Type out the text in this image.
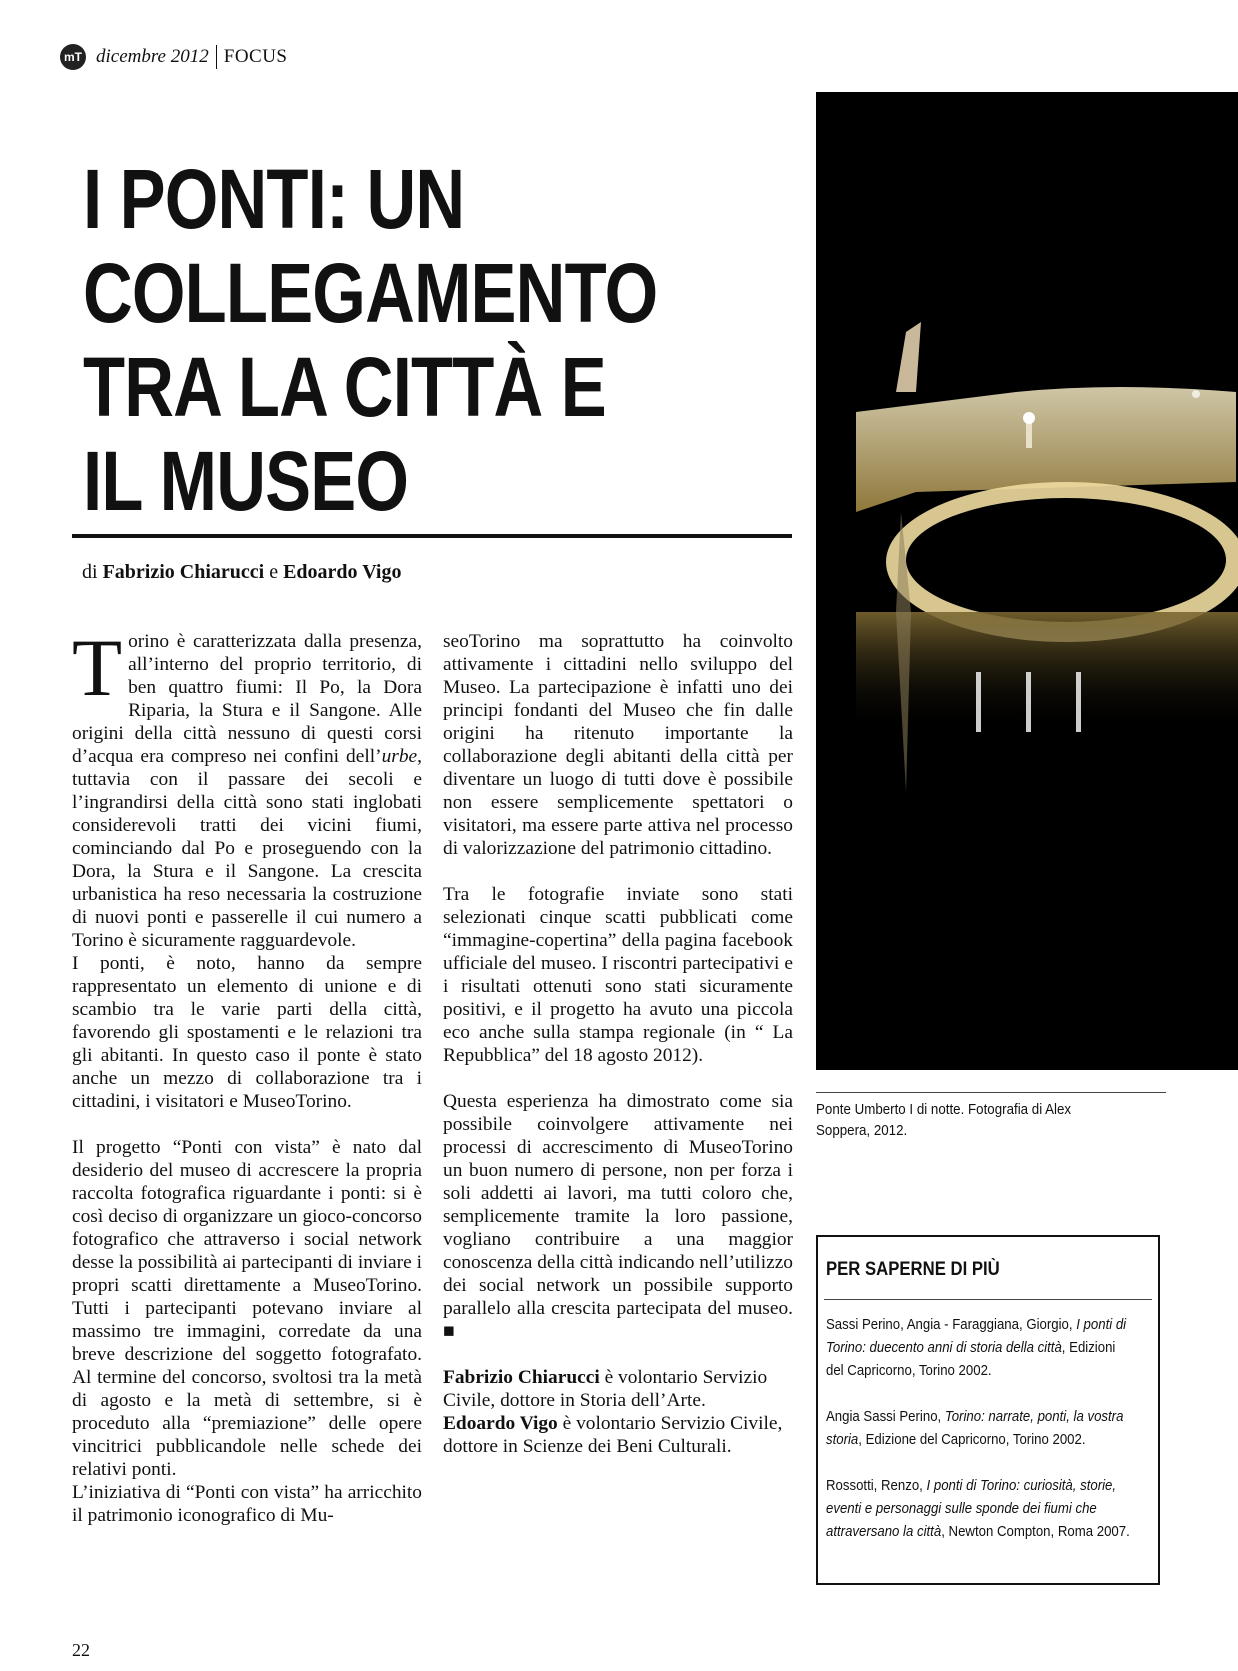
mT dicembre 2012 FOCUS
I PONTI: UN
COLLEGAMENTO
TRA LA CITTÀ E
IL MUSEO
di Fabrizio Chiarucci e Edoardo Vigo

Torino è caratterizzata dalla presenza, all’interno del proprio territorio, di ben quattro fiumi: Il Po, la Dora Riparia, la Stura e il Sangone. Alle origini della città nessuno di questi corsi d’acqua era compreso nei confini dell’urbe, tuttavia con il passare dei secoli e l’ingrandirsi della città sono stati inglobati considerevoli tratti dei vicini fiumi, cominciando dal Po e proseguendo con la Dora, la Stura e il Sangone. La crescita urbanistica ha reso necessaria la costruzione di nuovi ponti e passerelle il cui numero a Torino è sicuramente ragguardevole.

I ponti, è noto, hanno da sempre rappresentato un elemento di unione e di scambio tra le varie parti della città, favorendo gli spostamenti e le relazioni tra gli abitanti. In questo caso il ponte è stato anche un mezzo di collaborazione tra i cittadini, i visitatori e MuseoTorino.

Il progetto “Ponti con vista” è nato dal desiderio del museo di accrescere la propria raccolta fotografica riguardante i ponti: si è così deciso di organizzare un gioco-concorso fotografico che attraverso i social network desse la possibilità ai partecipanti di inviare i propri scatti direttamente a MuseoTorino. Tutti i partecipanti potevano inviare al massimo tre immagini, corredate da una breve descrizione del soggetto fotografato. Al termine del concorso, svoltosi tra la metà di agosto e la metà di settembre, si è proceduto alla “premiazione” delle opere vincitrici pubblicandole nelle schede dei relativi ponti.

L’iniziativa di “Ponti con vista” ha arricchito il patrimonio iconografico di Mu-

seoTorino ma soprattutto ha coinvolto attivamente i cittadini nello sviluppo del Museo. La partecipazione è infatti uno dei principi fondanti del Museo che fin dalle origini ha ritenuto importante la collaborazione degli abitanti della città per diventare un luogo di tutti dove è possibile non essere semplicemente spettatori o visitatori, ma essere parte attiva nel processo di valorizzazione del patrimonio cittadino.

Tra le fotografie inviate sono stati selezionati cinque scatti pubblicati come “immagine-copertina” della pagina facebook ufficiale del museo. I riscontri partecipativi e i risultati ottenuti sono stati sicuramente positivi, e il progetto ha avuto una piccola eco anche sulla stampa regionale (in “ La Repubblica” del 18 agosto 2012).

Questa esperienza ha dimostrato come sia possibile coinvolgere attivamente nei processi di accrescimento di MuseoTorino un buon numero di persone, non per forza i soli addetti ai lavori, ma tutti coloro che, semplicemente tramite la loro passione, vogliano contribuire a una maggior conoscenza della città indicando nell’utilizzo dei social network un possibile supporto parallelo alla crescita partecipata del museo. ■

Fabrizio Chiarucci è volontario Servizio Civile, dottore in Storia dell’Arte.
Edoardo Vigo è volontario Servizio Civile, dottore in Scienze dei Beni Culturali.

Ponte Umberto I di notte. Fotografia di Alex Soppera, 2012.
PER SAPERNE DI PIÙ

Sassi Perino, Angia - Faraggiana, Giorgio, I ponti di Torino: duecento anni di storia della città, Edizioni del Capricorno, Torino 2002.

Angia Sassi Perino, Torino: narrate, ponti, la vostra storia, Edizione del Capricorno, Torino 2002.

Rossotti, Renzo, I ponti di Torino: curiosità, storie, eventi e personaggi sulle sponde dei fiumi che attraversano la città, Newton Compton, Roma 2007.

22
